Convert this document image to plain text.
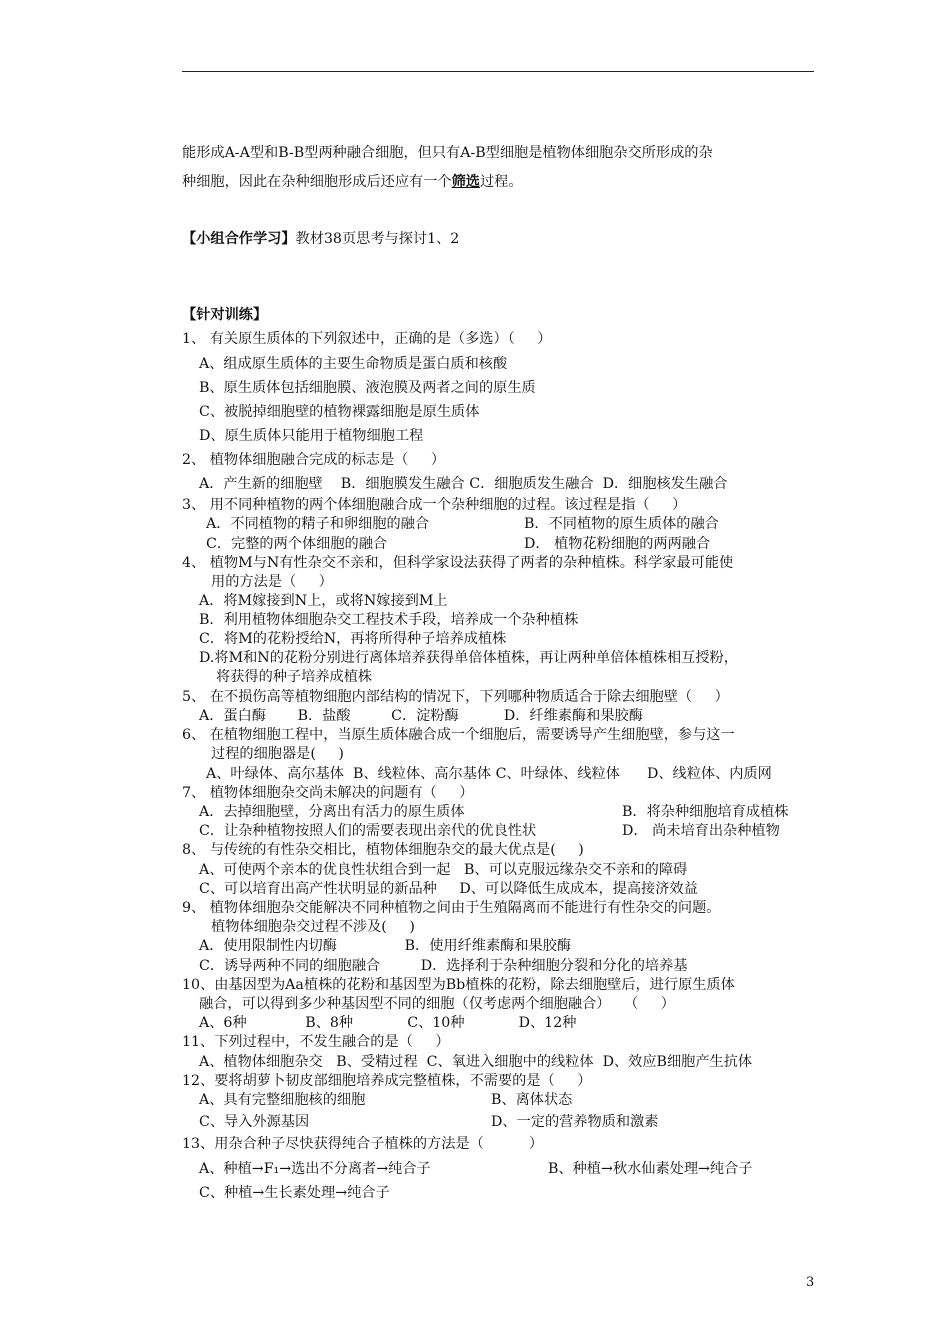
能形成A-A型和B-B型两种融合细胞，但只有A-B型细胞是植物体细胞杂交所形成的杂
种细胞，因此在杂种细胞形成后还应有一个筛选过程。
【小组合作学习】教材38页思考与探讨1、2
【针对训练】
1、 有关原生质体的下列叙述中，正确的是（多选）（     ）
A、组成原生质体的主要生命物质是蛋白质和核酸
B、原生质体包括细胞膜、液泡膜及两者之间的原生质
C、被脱掉细胞壁的植物裸露细胞是原生质体
D、原生质体只能用于植物细胞工程
2、 植物体细胞融合完成的标志是（     ）
A．产生新的细胞壁    B．细胞膜发生融合 C．细胞质发生融合  D．细胞核发生融合
3、 用不同种植物的两个体细胞融合成一个杂种细胞的过程。该过程是指（     ）
A．不同植物的精子和卵细胞的融合	B．不同植物的原生质体的融合
C．完整的两个体细胞的融合	D． 植物花粉细胞的两两融合
4、 植物M与N有性杂交不亲和，但科学家设法获得了两者的杂种植株。科学家最可能使
用的方法是（     ）
A．将M嫁接到N上，或将N嫁接到M上
B．利用植物体细胞杂交工程技术手段，培养成一个杂种植株
C．将M的花粉授给N，再将所得种子培养成植株
D.将M和N的花粉分别进行离体培养获得单倍体植株，再让两种单倍体植株相互授粉，
将获得的种子培养成植株
5、 在不损伤高等植物细胞内部结构的情况下，下列哪种物质适合于除去细胞壁（     ）
A．蛋白酶       B．盐酸         C．淀粉酶          D．纤维素酶和果胶酶
6、 在植物细胞工程中，当原生质体融合成一个细胞后，需要诱导产生细胞壁，参与这一
过程的细胞器是(     )
A、叶绿体、高尔基体  B、线粒体、高尔基体 C、叶绿体、线粒体      D、线粒体、内质网
7、 植物体细胞杂交尚未解决的问题有（     ）
A．去掉细胞壁，分离出有活力的原生质体	B．将杂种细胞培育成植株
C．让杂种植物按照人们的需要表现出亲代的优良性状	D． 尚未培育出杂种植物
8、 与传统的有性杂交相比，植物体细胞杂交的最大优点是(     )
A、可使两个亲本的优良性状组合到一起   B、可以克服远缘杂交不亲和的障碍
C、可以培育出高产性状明显的新品种     D、可以降低生成成本，提高接济效益
9、 植物体细胞杂交能解决不同种植物之间由于生殖隔离而不能进行有性杂交的问题。
植物体细胞杂交过程不涉及(     )
A．使用限制性内切酶               B．使用纤维素酶和果胶酶
C．诱导两种不同的细胞融合         D．选择利于杂种细胞分裂和分化的培养基
10、由基因型为Aa植株的花粉和基因型为Bb植株的花粉，除去细胞壁后，进行原生质体
融合，可以得到多少种基因型不同的细胞（仅考虑两个细胞融合）   （     ）
A、6种             B、8种            C、10种            D、12种
11、下列过程中，不发生融合的是（     ）
A、植物体细胞杂交   B、受精过程  C、氧进入细胞中的线粒体  D、效应B细胞产生抗体
12、要将胡萝卜韧皮部细胞培养成完整植株，不需要的是（     ）
A、具有完整细胞核的细胞	B、离体状态
C、导入外源基因	D、一定的营养物质和激素
13、用杂合种子尽快获得纯合子植株的方法是（          ）
A、种植→F₁→选出不分离者→纯合子	B、种植→秋水仙素处理→纯合子
C、种植→生长素处理→纯合子
3
